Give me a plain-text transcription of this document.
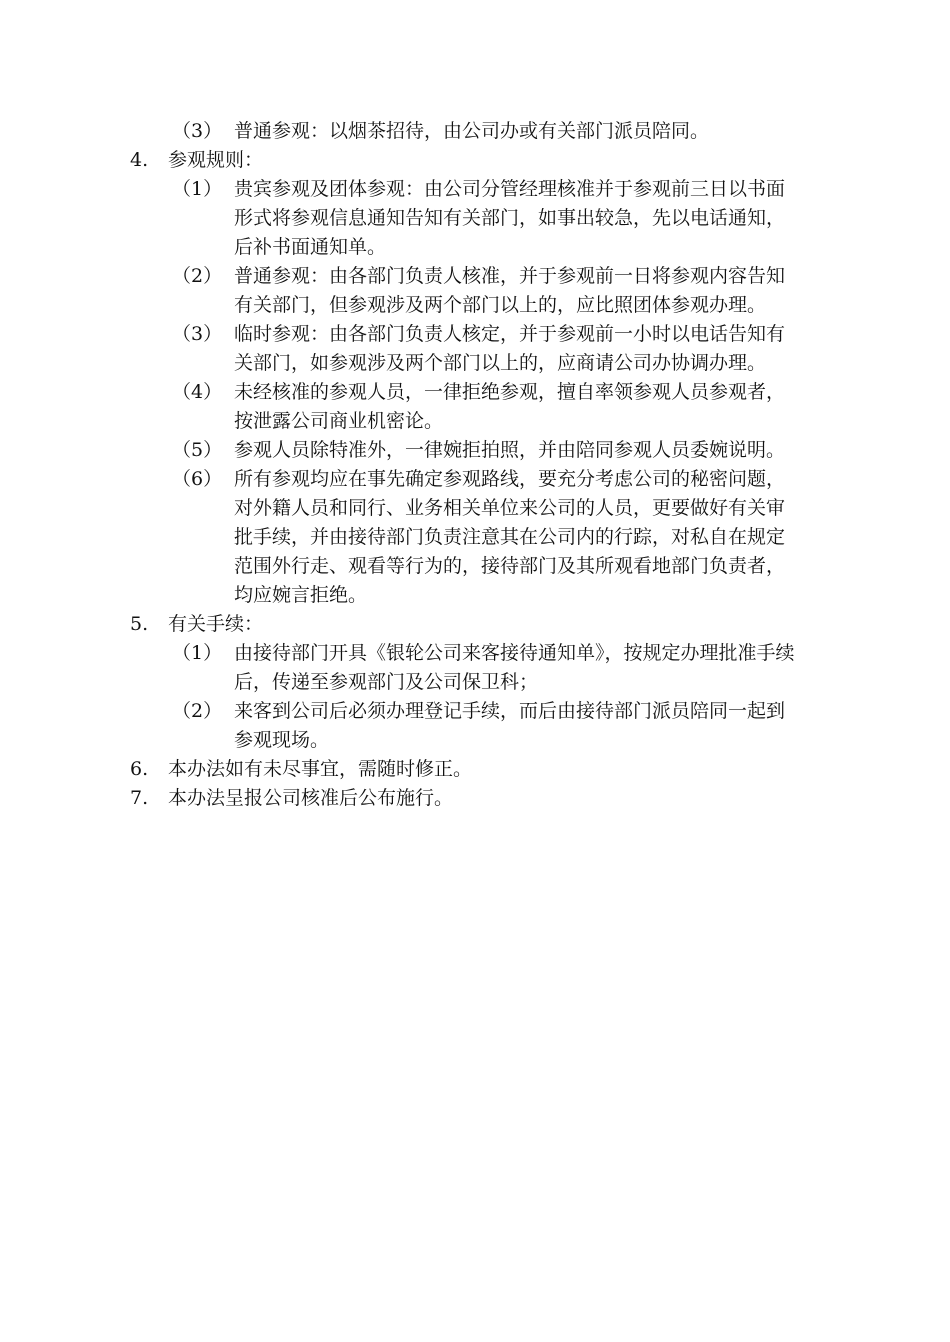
（3） 普通参观：以烟茶招待，由公司办或有关部门派员陪同。
4. 参观规则：
（1） 贵宾参观及团体参观：由公司分管经理核准并于参观前三日以书面
形式将参观信息通知告知有关部门，如事出较急，先以电话通知，
后补书面通知单。
（2） 普通参观：由各部门负责人核准，并于参观前一日将参观内容告知
有关部门，但参观涉及两个部门以上的，应比照团体参观办理。
（3） 临时参观：由各部门负责人核定，并于参观前一小时以电话告知有
关部门，如参观涉及两个部门以上的，应商请公司办协调办理。
（4） 未经核准的参观人员，一律拒绝参观，擅自率领参观人员参观者，
按泄露公司商业机密论。
（5） 参观人员除特准外，一律婉拒拍照，并由陪同参观人员委婉说明。
（6） 所有参观均应在事先确定参观路线，要充分考虑公司的秘密问题，
对外籍人员和同行、业务相关单位来公司的人员，更要做好有关审
批手续，并由接待部门负责注意其在公司内的行踪，对私自在规定
范围外行走、观看等行为的，接待部门及其所观看地部门负责者，
均应婉言拒绝。
5. 有关手续：
（1） 由接待部门开具《银轮公司来客接待通知单》，按规定办理批准手续
后，传递至参观部门及公司保卫科；
（2） 来客到公司后必须办理登记手续，而后由接待部门派员陪同一起到
参观现场。
6. 本办法如有未尽事宜，需随时修正。
7. 本办法呈报公司核准后公布施行。
